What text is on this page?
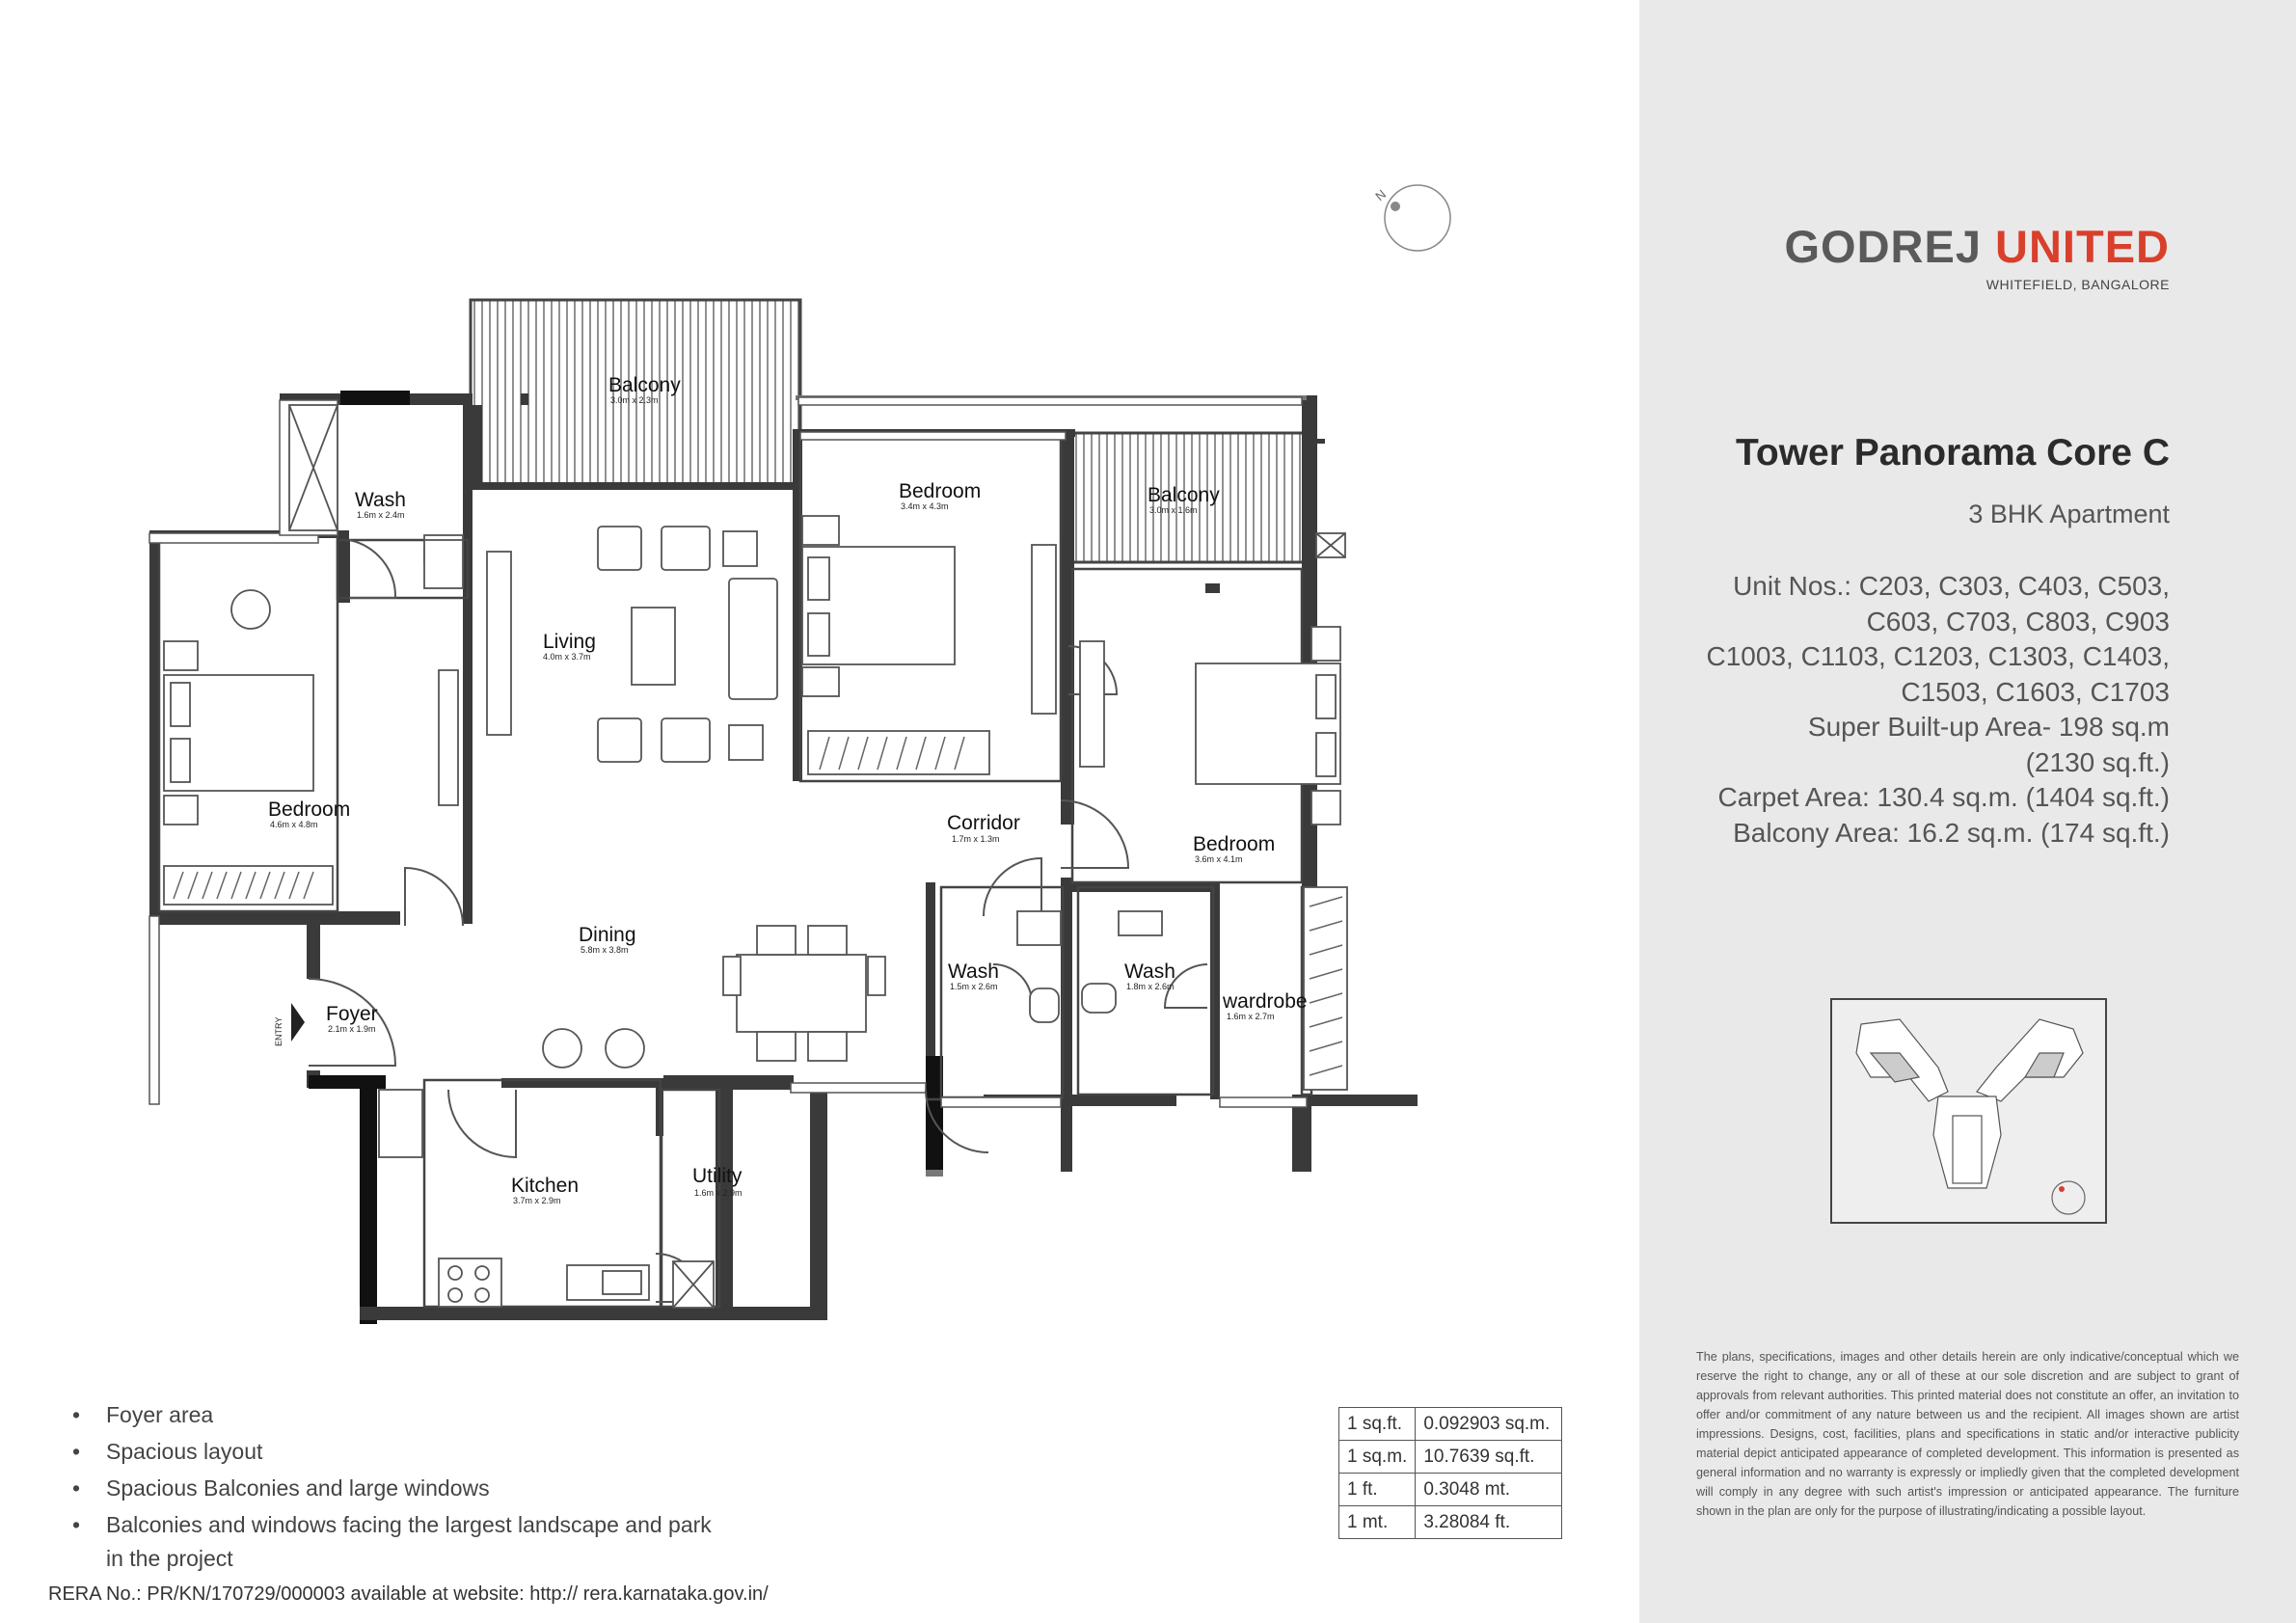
Balcony
3.0m x 2.3m
Wash
1.6m x 2.4m
Bedroom
3.4m x 4.3m	Balcony
3.0m x 1.6m
Living
4.0m x 3.7m
Bedroom
4.6m x 4.8m	Corridor
1.7m x 1.3m	Bedroom
3.6m x 4.1m
Dining
5.8m x 3.8m
Wash
1.5m x 2.6m
Wash
1.8m x 2.6m
wardrobe
1.6m x 2.7m
Foyer
2.1m x 1.9m
Kitchen
3.7m x 2.9m
Utility
1.6m x 2.9m
ENTRY
N
• Foyer area
• Spacious layout
• Spacious Balconies and large windows
• Balconies and windows facing the largest landscape and park in the project
RERA No.: PR/KN/170729/000003 available at website: http:// rera.karnataka.gov.in/
1 sq.ft.	0.092903 sq.m.
1 sq.m.	10.7639 sq.ft.
1 ft.	0.3048 mt.
1 mt.	3.28084 ft.
GODREJ UNITED
WHITEFIELD, BANGALORE
Tower Panorama Core C
3 BHK Apartment
Unit Nos.: C203, C303, C403, C503,
C603, C703, C803, C903
C1003, C1103, C1203, C1303, C1403,
C1503, C1603, C1703
Super Built-up Area- 198 sq.m
(2130 sq.ft.)
Carpet Area: 130.4 sq.m. (1404 sq.ft.)
Balcony Area: 16.2 sq.m. (174 sq.ft.)
The plans, specifications, images and other details herein are only indicative/conceptual which we reserve the right to change, any or all of these at our sole discretion and are subject to grant of approvals from relevant authorities. This printed material does not constitute an offer, an invitation to offer and/or commitment of any nature between us and the recipient. All images shown are artist impressions. Designs, cost, facilities, plans and specifications in static and/or interactive publicity material depict anticipated appearance of completed development. This information is presented as general information and no warranty is expressly or impliedly given that the completed development will comply in any degree with such artist's impression or anticipated appearance. The furniture shown in the plan are only for the purpose of illustrating/indicating a possible layout.
